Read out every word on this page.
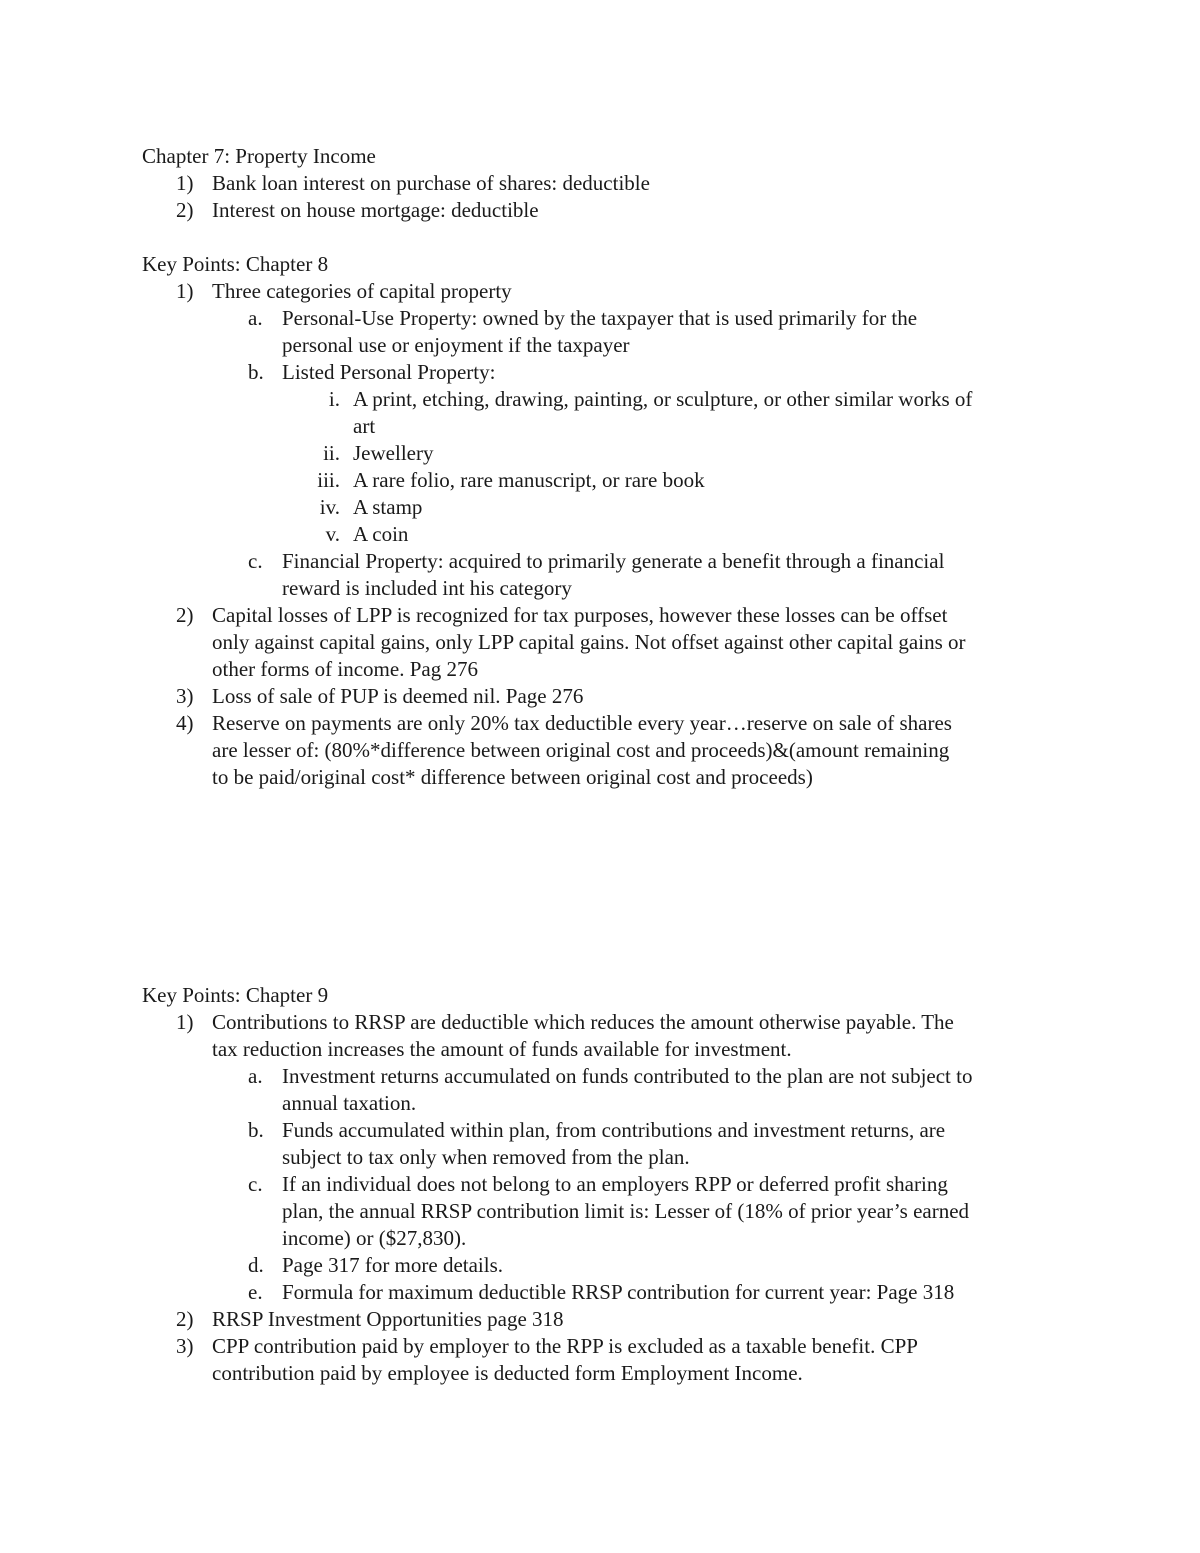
Chapter 7: Property Income
1) Bank loan interest on purchase of shares: deductible
2) Interest on house mortgage: deductible
Key Points: Chapter 8
1) Three categories of capital property
a. Personal-Use Property: owned by the taxpayer that is used primarily for the
personal use or enjoyment if the taxpayer
b. Listed Personal Property:
i. A print, etching, drawing, painting, or sculpture, or other similar works of
art
ii. Jewellery
iii. A rare folio, rare manuscript, or rare book
iv. A stamp
v. A coin
c. Financial Property: acquired to primarily generate a benefit through a financial
reward is included int his category
2) Capital losses of LPP is recognized for tax purposes, however these losses can be offset
only against capital gains, only LPP capital gains. Not offset against other capital gains or
other forms of income. Pag 276
3) Loss of sale of PUP is deemed nil. Page 276
4) Reserve on payments are only 20% tax deductible every year…reserve on sale of shares
are lesser of: (80%*difference between original cost and proceeds)&(amount remaining
to be paid/original cost* difference between original cost and proceeds)
Key Points: Chapter 9
1) Contributions to RRSP are deductible which reduces the amount otherwise payable. The
tax reduction increases the amount of funds available for investment.
a. Investment returns accumulated on funds contributed to the plan are not subject to
annual taxation.
b. Funds accumulated within plan, from contributions and investment returns, are
subject to tax only when removed from the plan.
c. If an individual does not belong to an employers RPP or deferred profit sharing
plan, the annual RRSP contribution limit is: Lesser of (18% of prior year’s earned
income) or ($27,830).
d. Page 317 for more details.
e. Formula for maximum deductible RRSP contribution for current year: Page 318
2) RRSP Investment Opportunities page 318
3) CPP contribution paid by employer to the RPP is excluded as a taxable benefit. CPP
contribution paid by employee is deducted form Employment Income.
